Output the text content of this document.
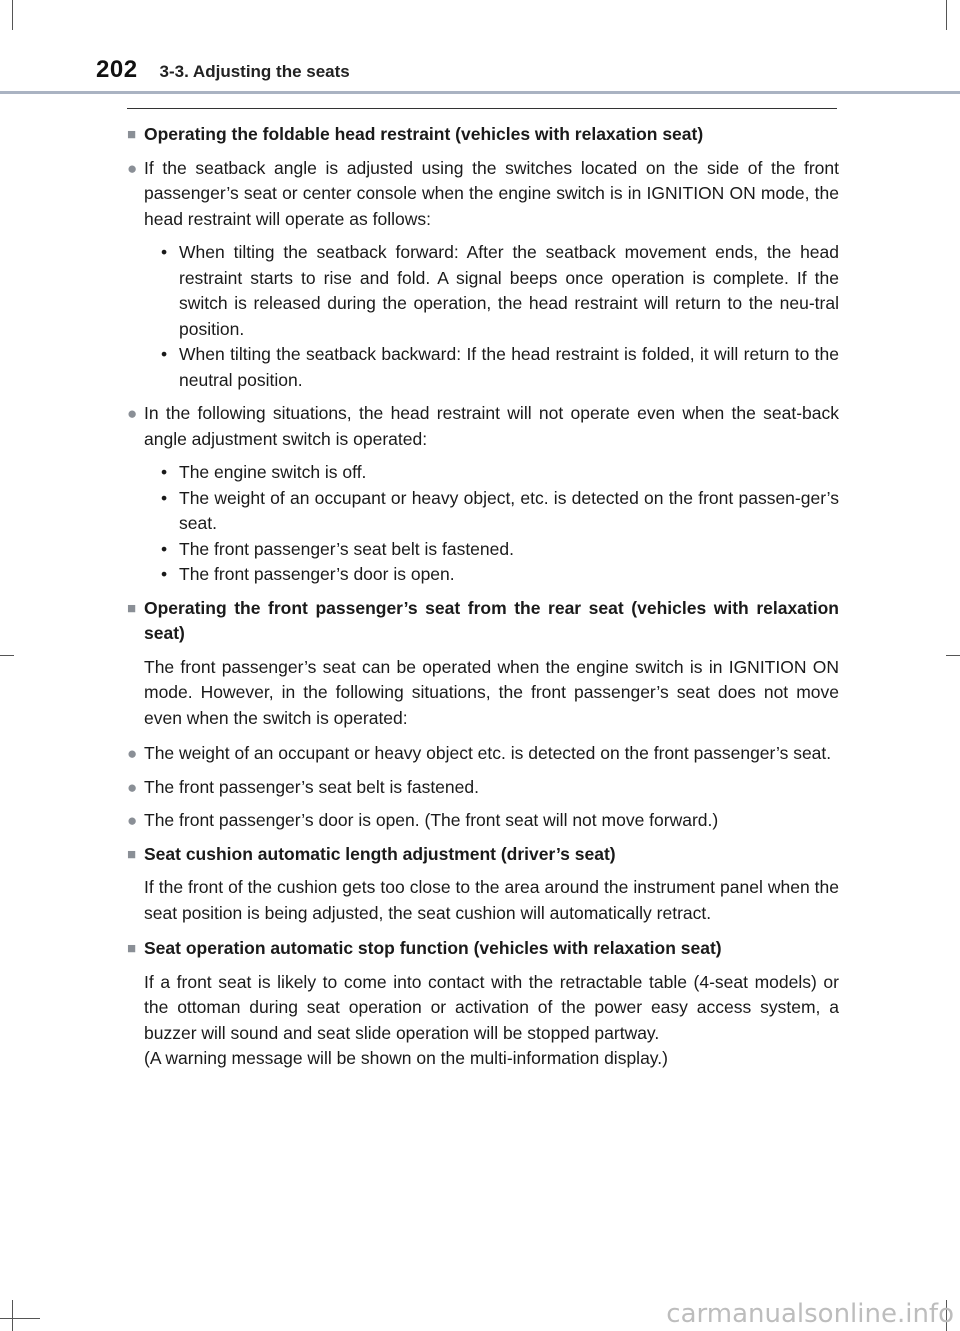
202 3-3. Adjusting the seats
■ Operating the foldable head restraint (vehicles with relaxation seat)
● If the seatback angle is adjusted using the switches located on the side of the front passenger’s seat or center console when the engine switch is in IGNITION ON mode, the head restraint will operate as follows:
• When tilting the seatback forward: After the seatback movement ends, the head restraint starts to rise and fold. A signal beeps once operation is complete. If the switch is released during the operation, the head restraint will return to the neu-tral position.
• When tilting the seatback backward: If the head restraint is folded, it will return to the neutral position.
● In the following situations, the head restraint will not operate even when the seat-back angle adjustment switch is operated:
• The engine switch is off.
• The weight of an occupant or heavy object, etc. is detected on the front passen-ger’s seat.
• The front passenger’s seat belt is fastened.
• The front passenger’s door is open.
■ Operating the front passenger’s seat from the rear seat (vehicles with relaxation seat)

The front passenger’s seat can be operated when the engine switch is in IGNITION ON mode. However, in the following situations, the front passenger’s seat does not move even when the switch is operated:

● The weight of an occupant or heavy object etc. is detected on the front passenger’s seat.
● The front passenger’s seat belt is fastened.
● The front passenger’s door is open. (The front seat will not move forward.)
■ Seat cushion automatic length adjustment (driver’s seat)

If the front of the cushion gets too close to the area around the instrument panel when the seat position is being adjusted, the seat cushion will automatically retract.

■ Seat operation automatic stop function (vehicles with relaxation seat)

If a front seat is likely to come into contact with the retractable table (4-seat models) or the ottoman during seat operation or activation of the power easy access system, a buzzer will sound and seat slide operation will be stopped partway.

(A warning message will be shown on the multi-information display.)

carmanualsonline.info
